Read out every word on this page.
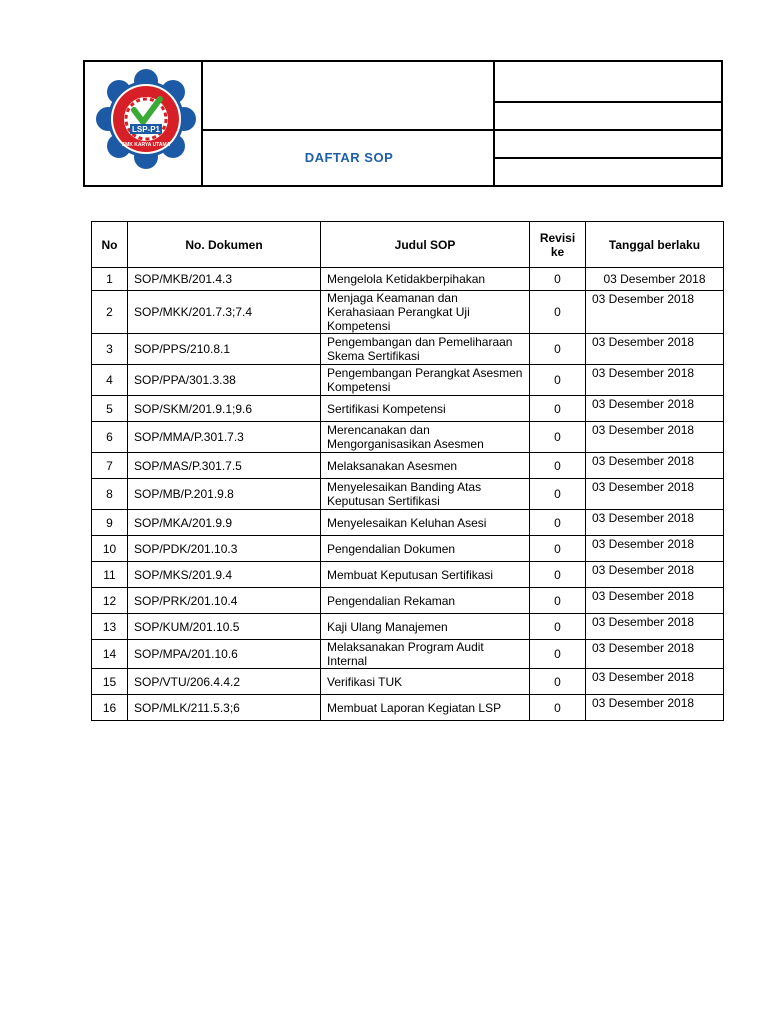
LSP-P1
SMK KARYA UTAMA
DAFTAR SOP
No	No. Dokumen	Judul SOP	Revisi ke	Tanggal berlaku
1	SOP/MKB/201.4.3	Mengelola Ketidakberpihakan	0	03 Desember 2018
2	SOP/MKK/201.7.3;7.4	Menjaga Keamanan dan Kerahasiaan Perangkat Uji Kompetensi	0	03 Desember 2018
3	SOP/PPS/210.8.1	Pengembangan dan Pemeliharaan Skema Sertifikasi	0	03 Desember 2018
4	SOP/PPA/301.3.38	Pengembangan Perangkat Asesmen Kompetensi	0	03 Desember 2018
5	SOP/SKM/201.9.1;9.6	Sertifikasi Kompetensi	0	03 Desember 2018
6	SOP/MMA/P.301.7.3	Merencanakan dan Mengorganisasikan Asesmen	0	03 Desember 2018
7	SOP/MAS/P.301.7.5	Melaksanakan Asesmen	0	03 Desember 2018
8	SOP/MB/P.201.9.8	Menyelesaikan Banding Atas Keputusan Sertifikasi	0	03 Desember 2018
9	SOP/MKA/201.9.9	Menyelesaikan Keluhan Asesi	0	03 Desember 2018
10	SOP/PDK/201.10.3	Pengendalian Dokumen	0	03 Desember 2018
11	SOP/MKS/201.9.4	Membuat Keputusan Sertifikasi	0	03 Desember 2018
12	SOP/PRK/201.10.4	Pengendalian Rekaman	0	03 Desember 2018
13	SOP/KUM/201.10.5	Kaji Ulang Manajemen	0	03 Desember 2018
14	SOP/MPA/201.10.6	Melaksanakan Program Audit Internal	0	03 Desember 2018
15	SOP/VTU/206.4.4.2	Verifikasi TUK	0	03 Desember 2018
16	SOP/MLK/211.5.3;6	Membuat Laporan Kegiatan LSP	0	03 Desember 2018
